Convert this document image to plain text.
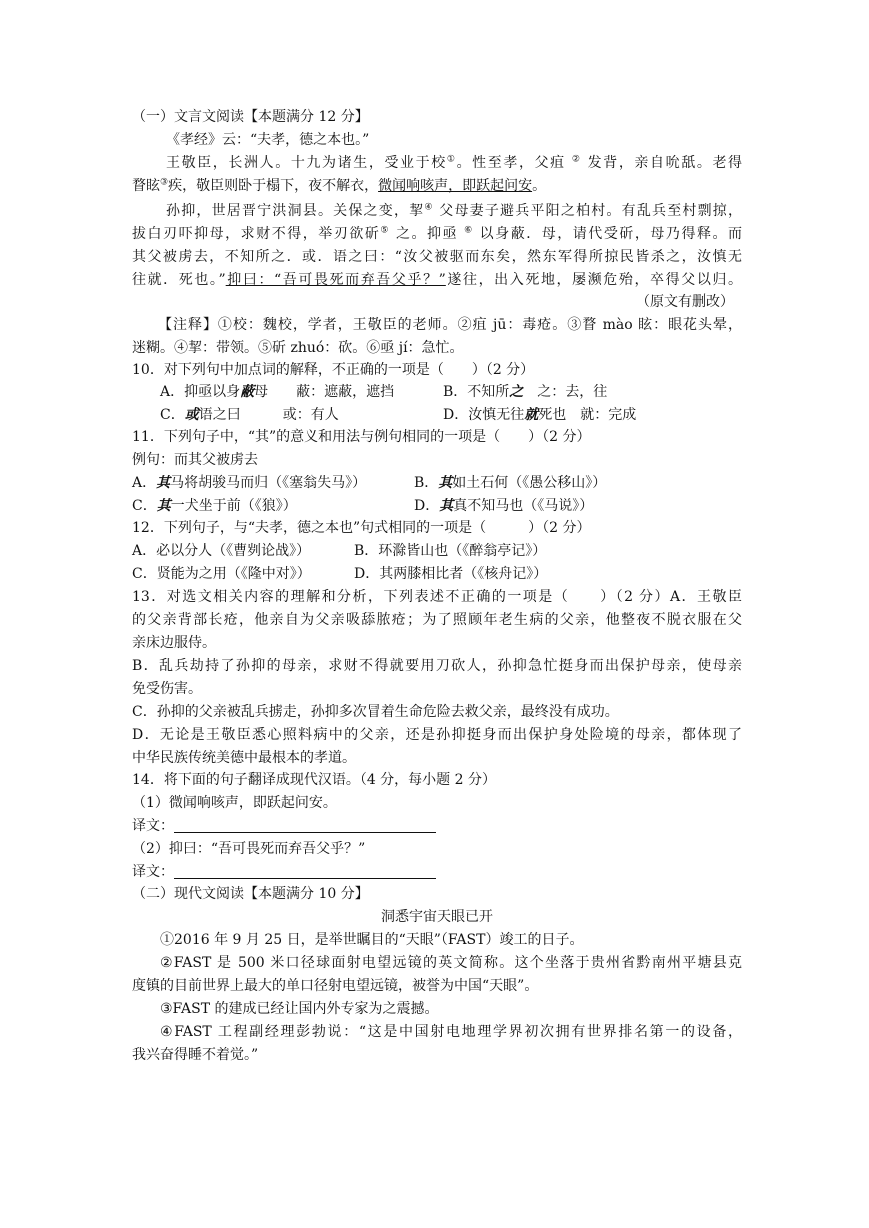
（一）文言文阅读【本题满分 12 分】
《孝经》云：“夫孝，德之本也。”
王敬臣，长洲人。十九为诸生，受业于校①。性至孝，父疽 ② 发背，亲自吮舐。老得
瞀眩③疾，敬臣则卧于榻下，夜不解衣，微闻响咳声，即跃起问安。
孙抑，世居晋宁洪洞县。关保之变，挈④ 父母妻子避兵平阳之柏村。有乱兵至村剽掠，
拔白刃吓抑母，求财不得，举刃欲斫⑤ 之。抑亟 ⑥ 以身蔽．母，请代受斫，母乃得释。而
其父被虏去，不知所之．或．语之曰：“汝父被驱而东矣，然东军得所掠民皆杀之，汝慎无
往就．死也。”抑曰：“吾可畏死而弃吾父乎？”遂往，出入死地，屡濒危殆，卒得父以归。
（原文有删改）
【注释】①校：魏校，学者，王敬臣的老师。②疽 jū：毒疮。③瞀 mào 眩：眼花头晕，
迷糊。④挈：带领。⑤斫 zhuó：砍。⑥亟 jí：急忙。
10．对下列句中加点词的解释，不正确的一项是（　　）（2 分）
A．抑亟以身蔽母　　蔽：遮蔽，遮挡	B．不知所之　之：去，往
C．或语之曰　　　或：有人	D．汝慎无往就死也　就：完成
11．下列句子中，“其”的意义和用法与例句相同的一项是（　　）（2 分）
例句：而其父被虏去
A．其马将胡骏马而归（《塞翁失马》）	B．其如土石何（《愚公移山》）
C．其一犬坐于前（《狼》）	D．其真不知马也（《马说》）
12．下列句子，与“夫孝，德之本也”句式相同的一项是（　　　）（2 分）
A．必以分人（《曹刿论战》）	B．环滁皆山也（《醉翁亭记》）
C．贤能为之用（《隆中对》）	D．其两膝相比者（《核舟记》）
13．对选文相关内容的理解和分析，下列表述不正确的一项是（　　）（2 分）A．王敬臣
的父亲背部长疮，他亲自为父亲吸舔脓疮；为了照顾年老生病的父亲，他整夜不脱衣服在父
亲床边服侍。
B．乱兵劫持了孙抑的母亲，求财不得就要用刀砍人，孙抑急忙挺身而出保护母亲，使母亲
免受伤害。
C．孙抑的父亲被乱兵掳走，孙抑多次冒着生命危险去救父亲，最终没有成功。
D．无论是王敬臣悉心照料病中的父亲，还是孙抑挺身而出保护身处险境的母亲，都体现了
中华民族传统美德中最根本的孝道。
14．将下面的句子翻译成现代汉语。（4 分，每小题 2 分）
（1）微闻响咳声，即跃起问安。
译文：
（2）抑曰：“吾可畏死而弃吾父乎？”
译文：
（二）现代文阅读【本题满分 10 分】
洞悉宇宙天眼已开
①2016 年 9 月 25 日，是举世瞩目的“天眼”（FAST）竣工的日子。
②FAST 是 500 米口径球面射电望远镜的英文简称。这个坐落于贵州省黔南州平塘县克
度镇的目前世界上最大的单口径射电望远镜，被誉为中国“天眼”。
③FAST 的建成已经让国内外专家为之震撼。
④FAST 工程副经理彭勃说：“这是中国射电地理学界初次拥有世界排名第一的设备，
我兴奋得睡不着觉。”
